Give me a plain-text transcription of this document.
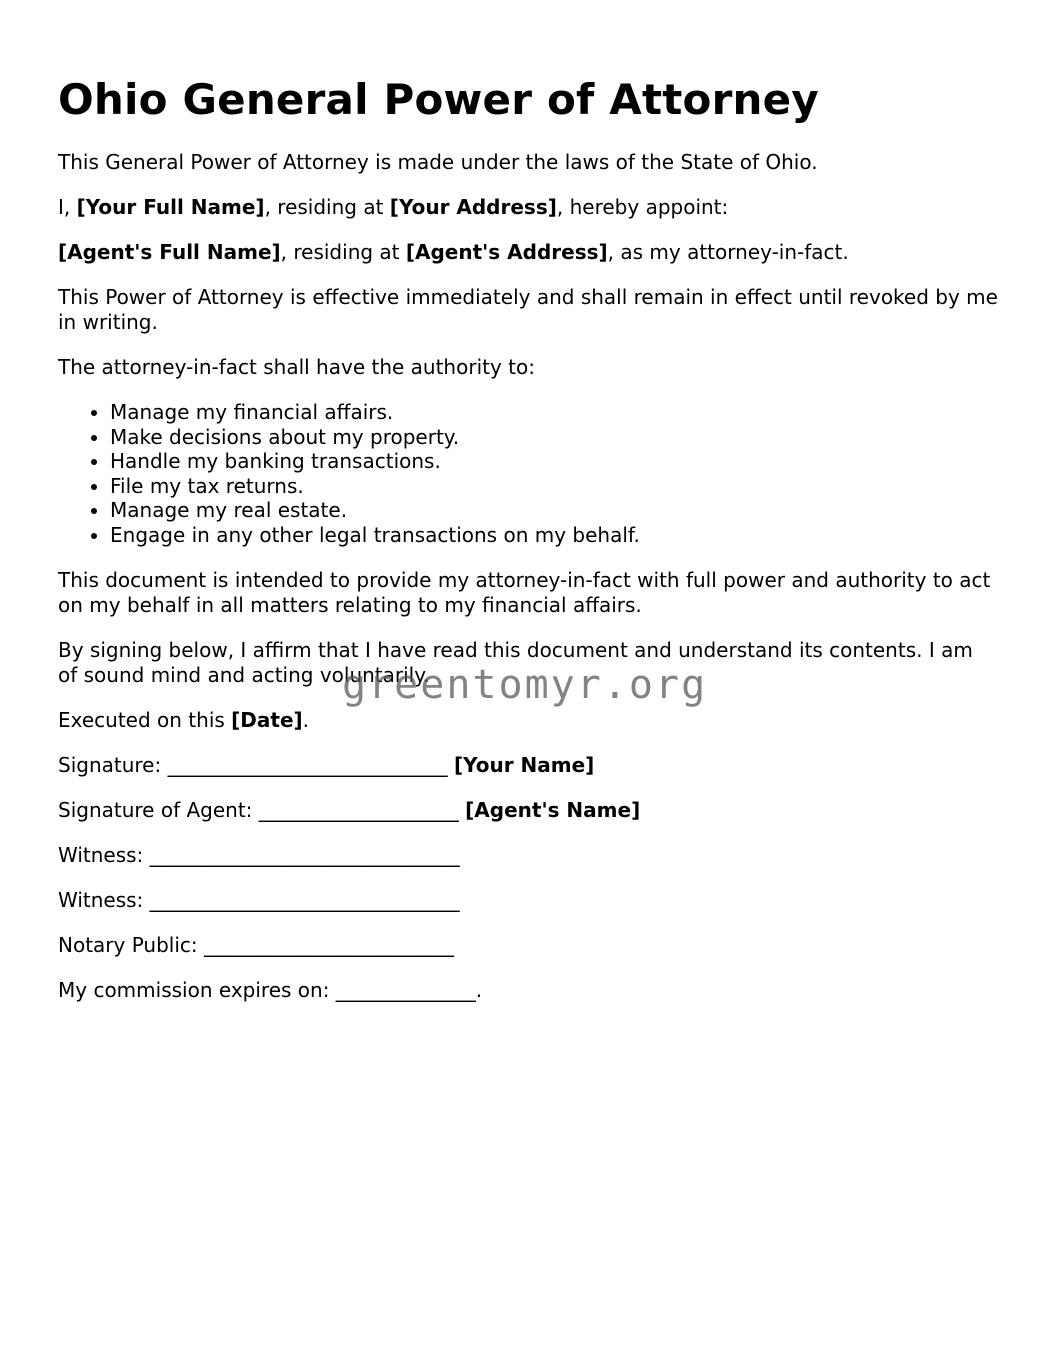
Ohio General Power of Attorney

This General Power of Attorney is made under the laws of the State of Ohio.

I, [Your Full Name], residing at [Your Address], hereby appoint:

[Agent's Full Name], residing at [Agent's Address], as my attorney-in-fact.

This Power of Attorney is effective immediately and shall remain in effect until revoked by me in writing.

The attorney-in-fact shall have the authority to:

• Manage my financial affairs.
• Make decisions about my property.
• Handle my banking transactions.
• File my tax returns.
• Manage my real estate.
• Engage in any other legal transactions on my behalf.

This document is intended to provide my attorney-in-fact with full power and authority to act on my behalf in all matters relating to my financial affairs.

By signing below, I affirm that I have read this document and understand its contents. I am of sound mind and acting voluntarily.

Executed on this [Date].

Signature: ____________________________ [Your Name]

Signature of Agent: ____________________ [Agent's Name]

Witness: _______________________________

Witness: _______________________________

Notary Public: _________________________

My commission expires on: ______________.

greentomyr.org
